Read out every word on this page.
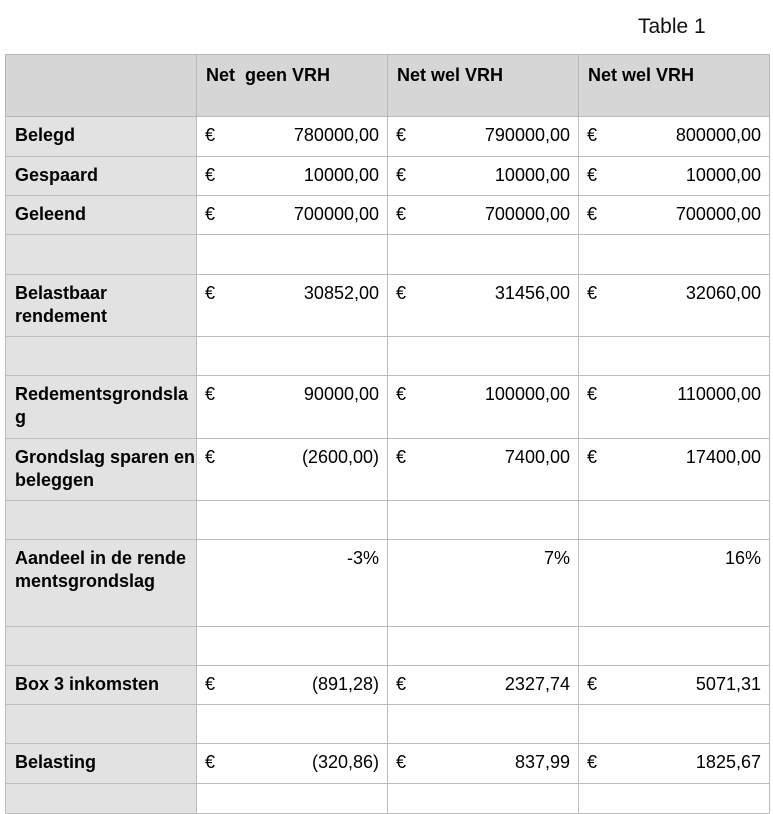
Table 1
	Net  geen VRH	Net wel VRH	Net wel VRH
Belegd	€ 780000,00	€ 790000,00	€ 800000,00

Gespaard	€ 10000,00	€ 10000,00	€ 10000,00

Geleend	€ 700000,00	€ 700000,00	€ 700000,00

Belastbaar rendement	€ 30852,00	€ 31456,00	€ 32060,00

Redementsgrondslag	€ 90000,00	€ 100000,00	€ 110000,00

Grondslag sparen en beleggen	€ (2600,00)	€ 7400,00	€ 17400,00

Aandeel in de rendementsgrondslag	-3%	7%	16%

Box 3 inkomsten	€ (891,28)	€ 2327,74	€ 5071,31

Belasting	€ (320,86)	€ 837,99	€ 1825,67
